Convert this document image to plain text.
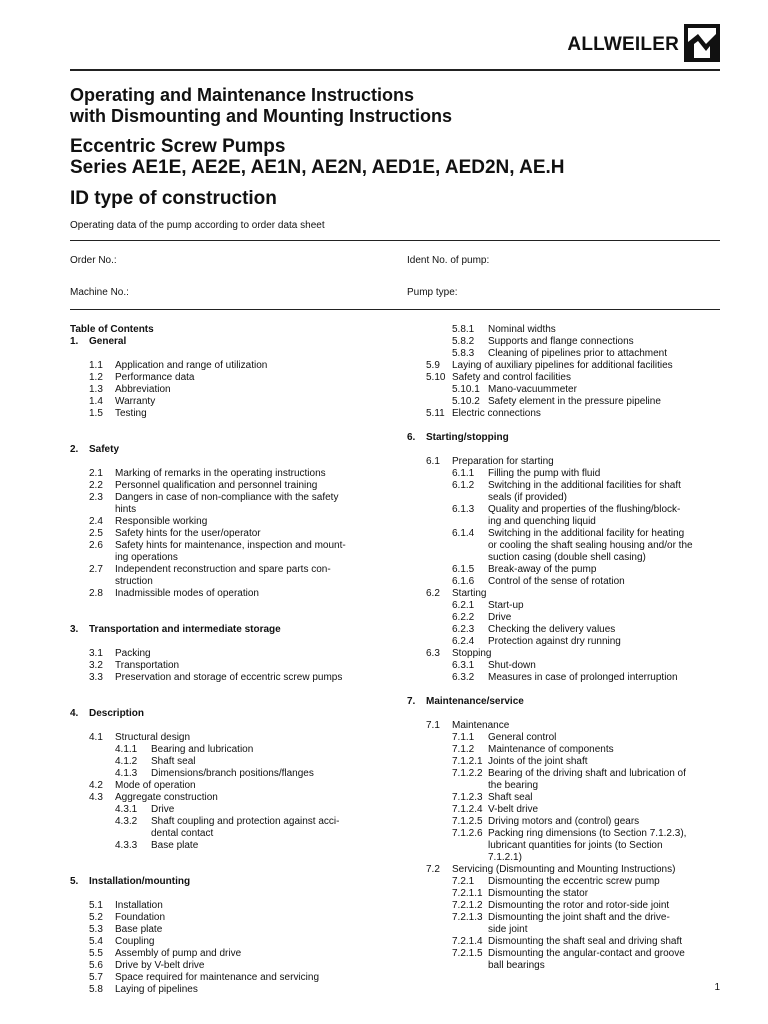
ALLWEILER
Operating and Maintenance Instructions
with Dismounting and Mounting Instructions
Eccentric Screw Pumps
Series AE1E, AE2E, AE1N, AE2N, AED1E, AED2N, AE.H
ID type of construction
Operating data of the pump according to order data sheet
Order No.:	Ident No. of pump:
Machine No.:	Pump type:
Table of Contents
1.	General
1.1	Application and range of utilization
1.2	Performance data
1.3	Abbreviation
1.4	Warranty
1.5	Testing
2.	Safety
2.1	Marking of remarks in the operating instructions
2.2	Personnel qualification and personnel training
2.3	Dangers in case of non-compliance with the safety
hints
2.4	Responsible working
2.5	Safety hints for the user/operator
2.6	Safety hints for maintenance, inspection and mount-
ing operations
2.7	Independent reconstruction and spare parts con-
struction
2.8	Inadmissible modes of operation
3.	Transportation and intermediate storage
3.1	Packing
3.2	Transportation
3.3	Preservation and storage of eccentric screw pumps
4.	Description
4.1	Structural design
4.1.1	Bearing and lubrication
4.1.2	Shaft seal
4.1.3	Dimensions/branch positions/flanges
4.2	Mode of operation
4.3	Aggregate construction
4.3.1	Drive
4.3.2	Shaft coupling and protection against acci-
dental contact
4.3.3	Base plate
5.	Installation/mounting
5.1	Installation
5.2	Foundation
5.3	Base plate
5.4	Coupling
5.5	Assembly of pump and drive
5.6	Drive by V-belt drive
5.7	Space required for maintenance and servicing
5.8	Laying of pipelines
5.8.1	Nominal widths
5.8.2	Supports and flange connections
5.8.3	Cleaning of pipelines prior to attachment
5.9	Laying of auxiliary pipelines for additional facilities
5.10 Safety and control facilities
5.10.1 Mano-vacuummeter
5.10.2 Safety element in the pressure pipeline
5.11 Electric connections
6.	Starting/stopping
6.1	Preparation for starting
6.1.1	Filling the pump with fluid
6.1.2	Switching in the additional facilities for shaft
seals (if provided)
6.1.3	Quality and properties of the flushing/block-
ing and quenching liquid
6.1.4	Switching in the additional facility for heating
or cooling the shaft sealing housing and/or the
suction casing (double shell casing)
6.1.5	Break-away of the pump
6.1.6	Control of the sense of rotation
6.2	Starting
6.2.1	Start-up
6.2.2	Drive
6.2.3	Checking the delivery values
6.2.4	Protection against dry running
6.3	Stopping
6.3.1	Shut-down
6.3.2	Measures in case of prolonged interruption
7.	Maintenance/service
7.1	Maintenance
7.1.1	General control
7.1.2	Maintenance of components
7.1.2.1 Joints of the joint shaft
7.1.2.2 Bearing of the driving shaft and lubrication of
the bearing
7.1.2.3 Shaft seal
7.1.2.4 V-belt drive
7.1.2.5 Driving motors and (control) gears
7.1.2.6 Packing ring dimensions (to Section 7.1.2.3),
lubricant quantities for joints (to Section
7.1.2.1)
7.2	Servicing (Dismounting and Mounting Instructions)
7.2.1	Dismounting the eccentric screw pump
7.2.1.1 Dismounting the stator
7.2.1.2 Dismounting the rotor and rotor-side joint
7.2.1.3 Dismounting the joint shaft and the drive-
side joint
7.2.1.4 Dismounting the shaft seal and driving shaft
7.2.1.5 Dismounting the angular-contact and groove
ball bearings
1
